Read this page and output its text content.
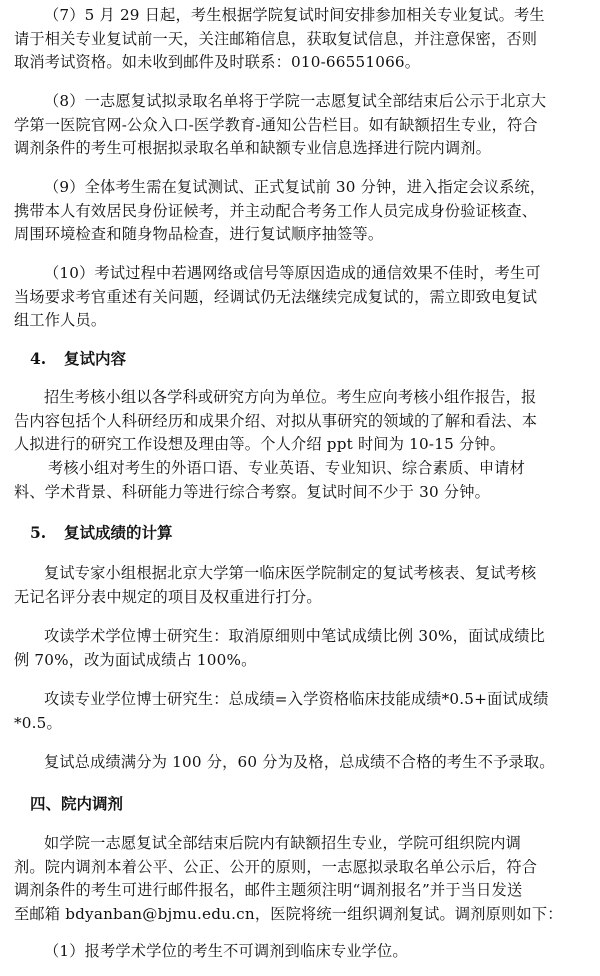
（7）5 月 29 日起，考生根据学院复试时间安排参加相关专业复试。考生
请于相关专业复试前一天，关注邮箱信息，获取复试信息，并注意保密，否则
取消考试资格。如未收到邮件及时联系：010-66551066。

（8）一志愿复试拟录取名单将于学院一志愿复试全部结束后公示于北京大
学第一医院官网-公众入口-医学教育-通知公告栏目。如有缺额招生专业，符合
调剂条件的考生可根据拟录取名单和缺额专业信息选择进行院内调剂。

（9）全体考生需在复试测试、正式复试前 30 分钟，进入指定会议系统，
携带本人有效居民身份证候考，并主动配合考务工作人员完成身份验证核查、
周围环境检查和随身物品检查，进行复试顺序抽签等。

（10）考试过程中若遇网络或信号等原因造成的通信效果不佳时，考生可
当场要求考官重述有关问题，经调试仍无法继续完成复试的，需立即致电复试
组工作人员。

4. 复试内容

招生考核小组以各学科或研究方向为单位。考生应向考核小组作报告，报
告内容包括个人科研经历和成果介绍、对拟从事研究的领域的了解和看法、本
人拟进行的研究工作设想及理由等。个人介绍 ppt 时间为 10-15 分钟。

考核小组对考生的外语口语、专业英语、专业知识、综合素质、申请材
料、学术背景、科研能力等进行综合考察。复试时间不少于 30 分钟。

5. 复试成绩的计算

复试专家小组根据北京大学第一临床医学院制定的复试考核表、复试考核
无记名评分表中规定的项目及权重进行打分。

攻读学术学位博士研究生：取消原细则中笔试成绩比例 30%，面试成绩比
例 70%，改为面试成绩占 100%。

攻读专业学位博士研究生：总成绩=入学资格临床技能成绩*0.5+面试成绩
*0.5。

复试总成绩满分为 100 分，60 分为及格，总成绩不合格的考生不予录取。

四、院内调剂

如学院一志愿复试全部结束后院内有缺额招生专业，学院可组织院内调
剂。院内调剂本着公平、公正、公开的原则，一志愿拟录取名单公示后，符合
调剂条件的考生可进行邮件报名，邮件主题须注明“调剂报名”并于当日发送
至邮箱 bdyanban@bjmu.edu.cn，医院将统一组织调剂复试。调剂原则如下：

（1）报考学术学位的考生不可调剂到临床专业学位。
